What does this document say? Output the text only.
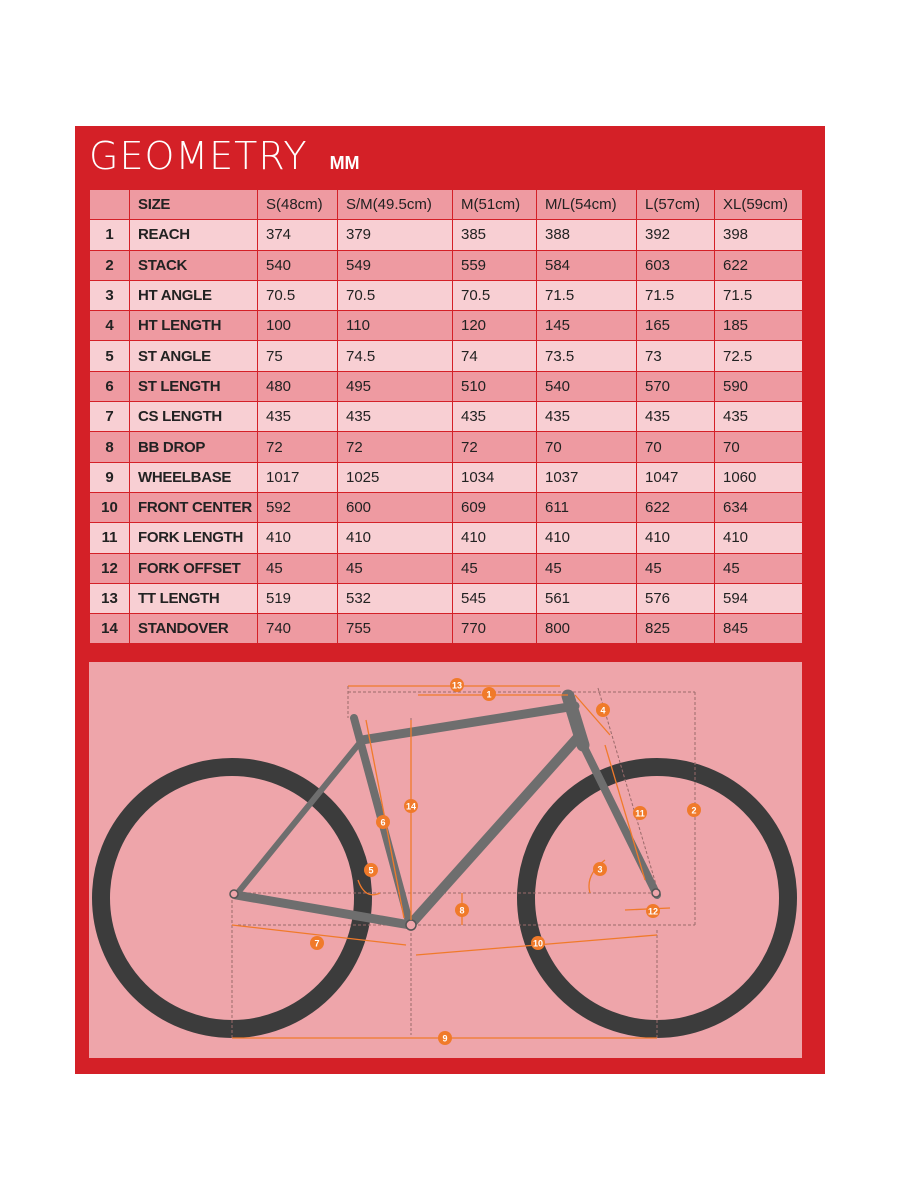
GEOMETRY MM
	SIZE	S(48cm)	S/M(49.5cm)	M(51cm)	M/L(54cm)	L(57cm)	XL(59cm)
1	REACH	374	379	385	388	392	398
2	STACK	540	549	559	584	603	622
3	HT ANGLE	70.5	70.5	70.5	71.5	71.5	71.5
4	HT LENGTH	100	110	120	145	165	185
5	ST ANGLE	75	74.5	74	73.5	73	72.5
6	ST LENGTH	480	495	510	540	570	590
7	CS LENGTH	435	435	435	435	435	435
8	BB DROP	72	72	72	70	70	70
9	WHEELBASE	1017	1025	1034	1037	1047	1060
10	FRONT CENTER	592	600	609	611	622	634
11	FORK LENGTH	410	410	410	410	410	410
12	FORK OFFSET	45	45	45	45	45	45
13	TT LENGTH	519	532	545	561	576	594
14	STANDOVER	740	755	770	800	825	845
1
2
3
4
5
6
7
8
9
10
11
12
13
14
